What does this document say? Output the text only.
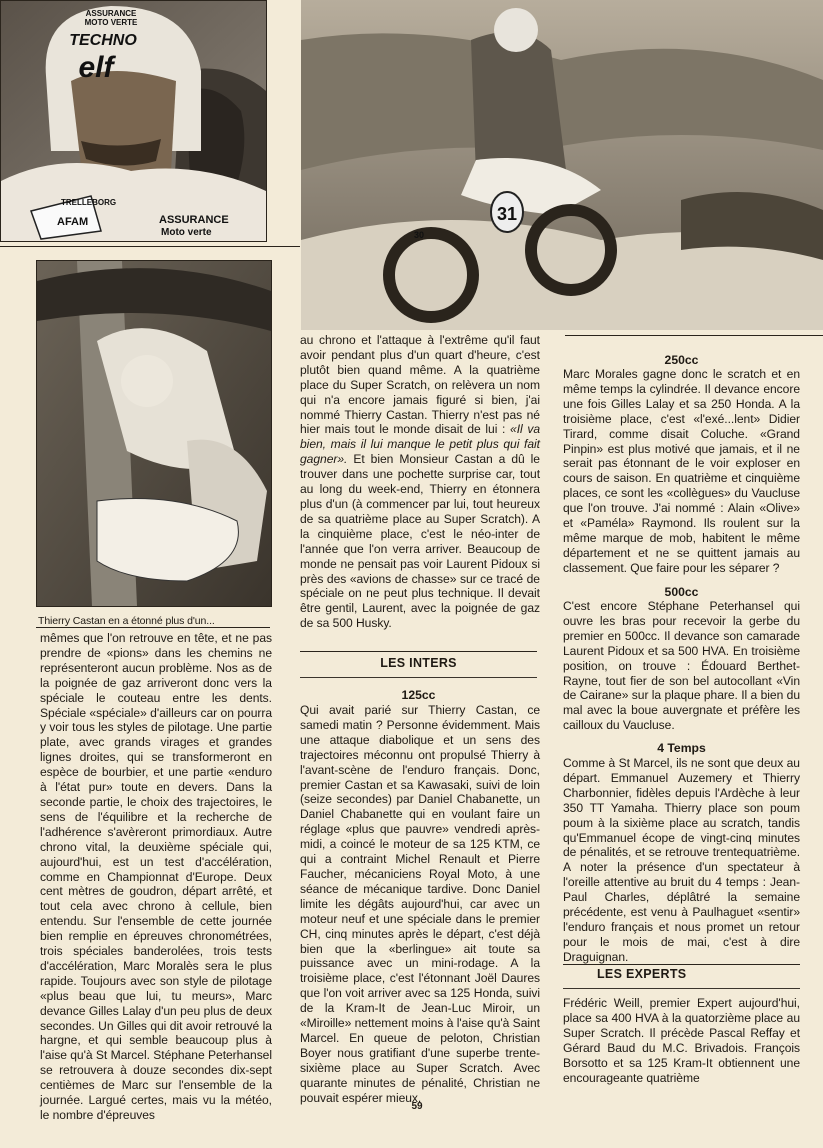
ASSURANCE
MOTO VERTE
TECHNO
elf
TRELLEBORG
AFAM	ASSURANCE
Moto verte
31
30
Thierry Castan en a étonné plus d'un...

mêmes que l'on retrouve en tête, et ne pas prendre de «pions» dans les chemins ne représenteront aucun problème. Nos as de la poignée de gaz arriveront donc vers la spéciale le couteau entre les dents. Spéciale «spéciale» d'ailleurs car on pourra y voir tous les styles de pilotage. Une partie plate, avec grands virages et grandes lignes droites, qui se transformeront en espèce de bourbier, et une partie «enduro à l'état pur» toute en devers. Dans la seconde partie, le choix des trajectoires, le sens de l'équilibre et la recherche de l'adhérence s'avèreront primordiaux. Autre chrono vital, la deuxième spéciale qui, aujourd'hui, est un test d'accélération, comme en Championnat d'Europe. Deux cent mètres de goudron, départ arrêté, et tout cela avec chrono à cellule, bien entendu. Sur l'ensemble de cette journée bien remplie en épreuves chronométrées, trois spéciales banderolées, trois tests d'accélération, Marc Moralès sera le plus rapide. Toujours avec son style de pilotage «plus beau que lui, tu meurs», Marc devance Gilles Lalay d'un peu plus de deux secondes. Un Gilles qui dit avoir retrouvé la hargne, et qui semble beaucoup plus à l'aise qu'à St Marcel. Stéphane Peterhansel se retrouvera à douze secondes dix-sept centièmes de Marc sur l'ensemble de la journée. Largué certes, mais vu la météo, le nombre d'épreuves

au chrono et l'attaque à l'extrême qu'il faut avoir pendant plus d'un quart d'heure, c'est plutôt bien quand même. A la quatrième place du Super Scratch, on relèvera un nom qui n'a encore jamais figuré si bien, j'ai nommé Thierry Castan. Thierry n'est pas né hier mais tout le monde disait de lui : «Il va bien, mais il lui manque le petit plus qui fait gagner». Et bien Monsieur Castan a dû le trouver dans une pochette surprise car, tout au long du week-end, Thierry en étonnera plus d'un (à commencer par lui, tout heureux de sa quatrième place au Super Scratch). A la cinquième place, c'est le néo-inter de l'année que l'on verra arriver. Beaucoup de monde ne pensait pas voir Laurent Pidoux si près des «avions de chasse» sur ce tracé de spéciale on ne peut plus technique. Il devait être gentil, Laurent, avec la poignée de gaz de sa 500 Husky.

LES INTERS
125cc

Qui avait parié sur Thierry Castan, ce samedi matin ? Personne évidemment. Mais une attaque diabolique et un sens des trajectoires méconnu ont propulsé Thierry à l'avant-scène de l'enduro français. Donc, premier Castan et sa Kawasaki, suivi de loin (seize secondes) par Daniel Chabanette, un Daniel Chabanette qui en voulant faire un réglage «plus que pauvre» vendredi après-midi, a coincé le moteur de sa 125 KTM, ce qui a contraint Michel Renault et Pierre Faucher, mécaniciens Royal Moto, à une séance de mécanique tardive. Donc Daniel limite les dégâts aujourd'hui, car avec un moteur neuf et une spéciale dans le premier CH, cinq minutes après le départ, c'est déjà bien que la «berlingue» ait toute sa puissance avec un mini-rodage. A la troisième place, c'est l'étonnant Joël Daures que l'on voit arriver avec sa 125 Honda, suivi de la Kram-It de Jean-Luc Miroir, un «Miroille» nettement moins à l'aise qu'à Saint Marcel. En queue de peloton, Christian Boyer nous gratifiant d'une superbe trente-sixième place au Super Scratch. Avec quarante minutes de pénalité, Christian ne pouvait espérer mieux.

250cc

Marc Morales gagne donc le scratch et en même temps la cylindrée. Il devance encore une fois Gilles Lalay et sa 250 Honda. A la troisième place, c'est «l'exé...lent» Didier Tirard, comme disait Coluche. «Grand Pinpin» est plus motivé que jamais, et il ne serait pas étonnant de le voir exploser en cours de saison. En quatrième et cinquième places, ce sont les «collègues» du Vaucluse que l'on trouve. J'ai nommé : Alain «Olive» et «Paméla» Raymond. Ils roulent sur la même marque de mob, habitent le même département et ne se quittent jamais au classement. Que faire pour les séparer ?

500cc

C'est encore Stéphane Peterhansel qui ouvre les bras pour recevoir la gerbe du premier en 500cc. Il devance son camarade Laurent Pidoux et sa 500 HVA. En troisième position, on trouve : Édouard Berthet-Rayne, tout fier de son bel autocollant «Vin de Cairane» sur la plaque phare. Il a bien du mal avec la boue auvergnate et préfère les cailloux du Vaucluse.

4 Temps

Comme à St Marcel, ils ne sont que deux au départ. Emmanuel Auzemery et Thierry Charbonnier, fidèles depuis l'Ardèche à leur 350 TT Yamaha. Thierry place son poum poum à la sixième place au scratch, tandis qu'Emmanuel écope de vingt-cinq minutes de pénalités, et se retrouve trentequatrième. A noter la présence d'un spectateur à l'oreille attentive au bruit du 4 temps : Jean-Paul Charles, déplâtré la semaine précédente, est venu à Paulhaguet «sentir» l'enduro français et nous promet un retour pour le mois de mai, c'est à dire Draguignan.

LES EXPERTS

Frédéric Weill, premier Expert aujourd'hui, place sa 400 HVA à la quatorzième place au Super Scratch. Il précède Pascal Reffay et Gérard Baud du M.C. Brivadois. François Borsotto et sa 125 Kram-It obtiennent une encourageante quatrième

59
